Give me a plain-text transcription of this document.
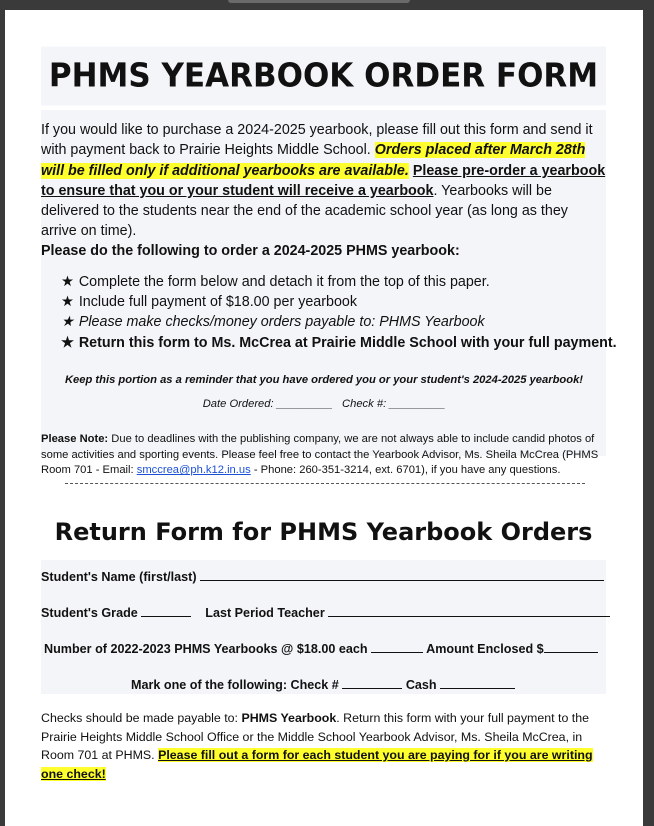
PHMS YEARBOOK ORDER FORM
If you would like to purchase a 2024-2025 yearbook, please fill out this form and send it with payment back to Prairie Heights Middle School. Orders placed after March 28th will be filled only if additional yearbooks are available. Please pre-order a yearbook to ensure that you or your student will receive a yearbook. Yearbooks will be delivered to the students near the end of the academic school year (as long as they arrive on time).
Please do the following to order a 2024-2025 PHMS yearbook:
★ Complete the form below and detach it from the top of this paper.
★ Include full payment of $18.00 per yearbook
★ Please make checks/money orders payable to: PHMS Yearbook
★ Return this form to Ms. McCrea at Prairie Middle School with your full payment.
Keep this portion as a reminder that you have ordered you or your student's 2024-2025 yearbook!
Date Ordered: _________ Check #: _________
Please Note: Due to deadlines with the publishing company, we are not always able to include candid photos of some activities and sporting events. Please feel free to contact the Yearbook Advisor, Ms. Sheila McCrea (PHMS Room 701 - Email: smccrea@ph.k12.in.us - Phone: 260-351-3214, ext. 6701), if you have any questions.
Return Form for PHMS Yearbook Orders
Student's Name (first/last)
Student's Grade	Last Period Teacher
Number of 2022-2023 PHMS Yearbooks @ $18.00 each	Amount Enclosed $
Mark one of the following: Check #	Cash
Checks should be made payable to: PHMS Yearbook. Return this form with your full payment to the Prairie Heights Middle School Office or the Middle School Yearbook Advisor, Ms. Sheila McCrea, in Room 701 at PHMS. Please fill out a form for each student you are paying for if you are writing one check!
